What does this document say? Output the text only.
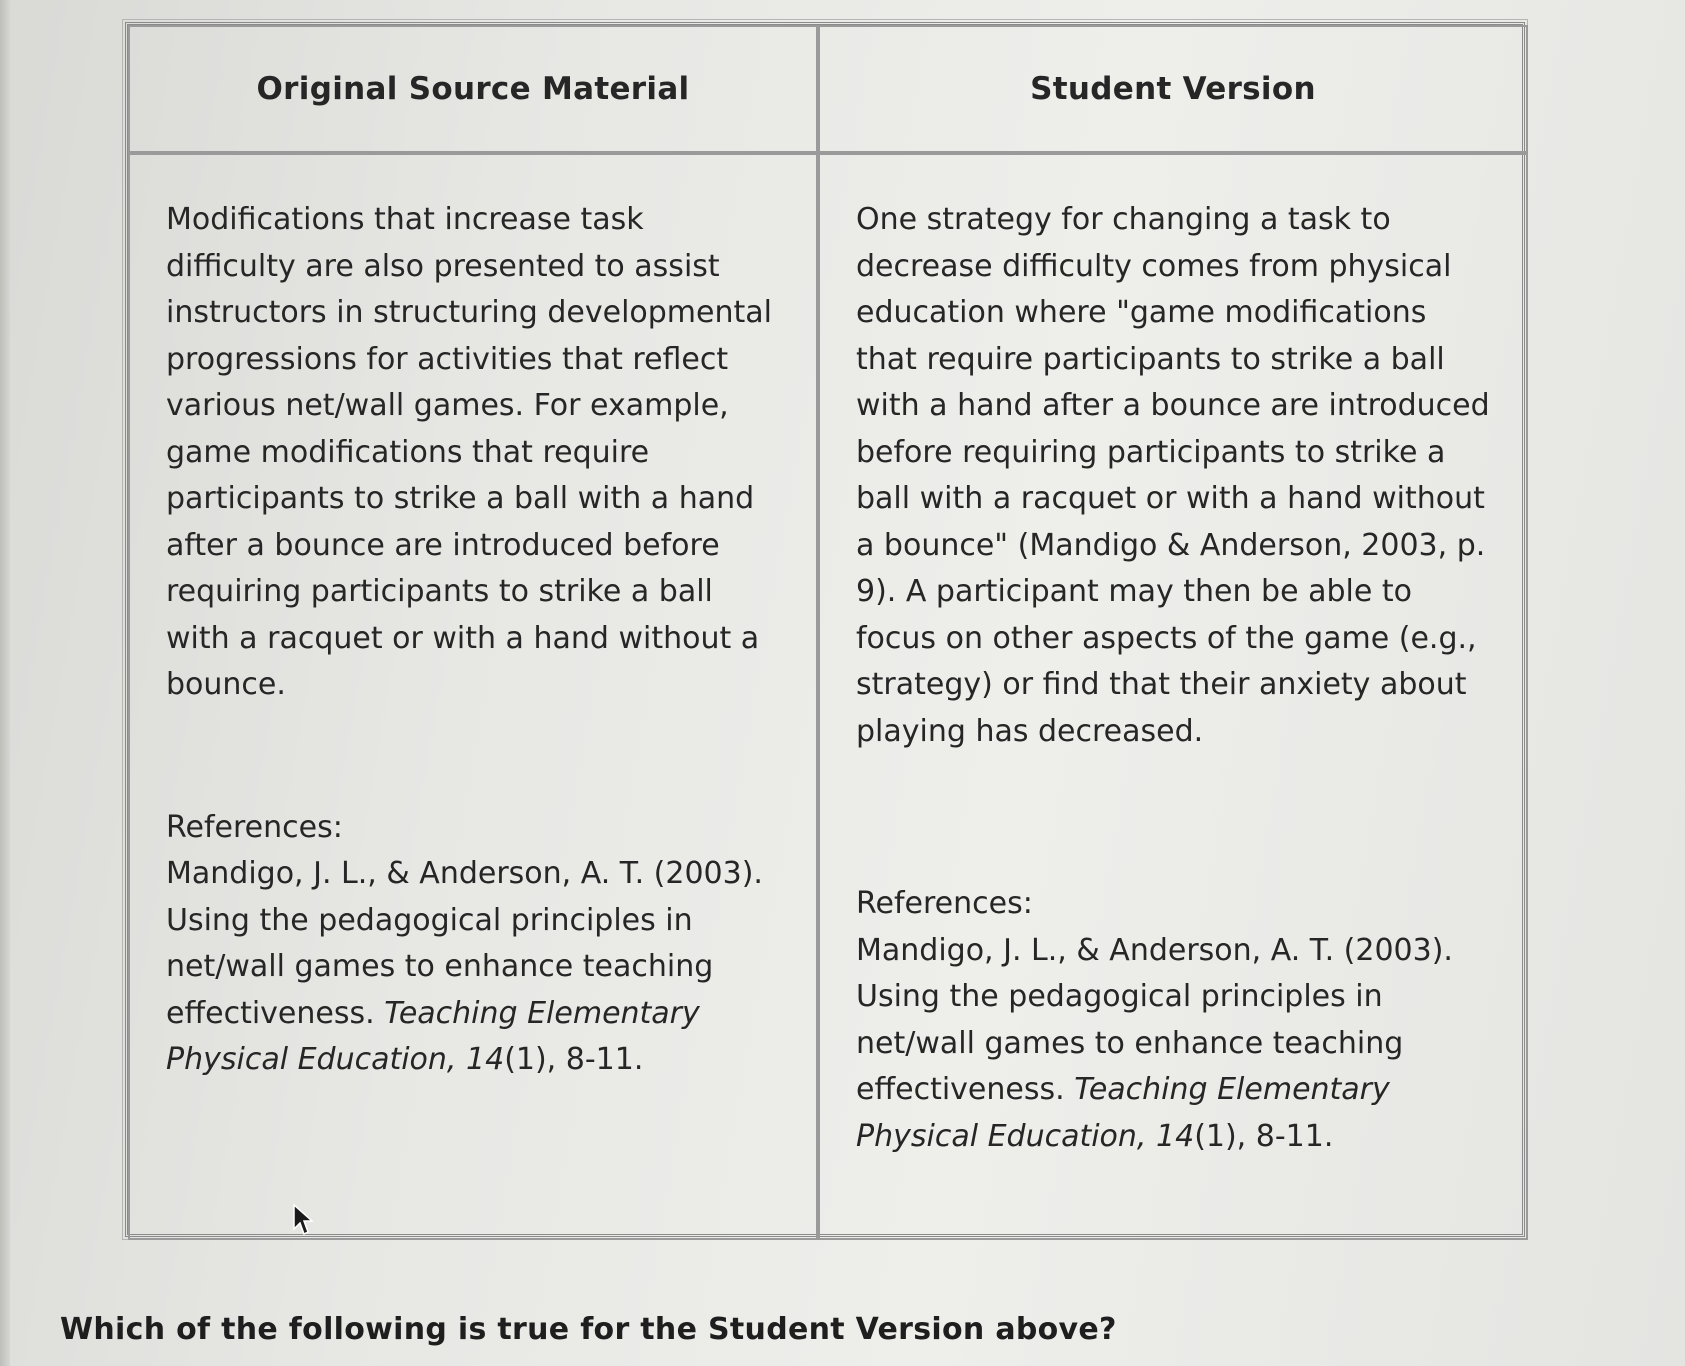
Original Source Material	Student Version

Modifications that increase task difficulty are also presented to assist instructors in structuring developmental progressions for activities that reflect various net/wall games. For example, game modifications that require participants to strike a ball with a hand after a bounce are introduced before requiring participants to strike a ball with a racquet or with a hand without a bounce.

References:

Mandigo, J. L., & Anderson, A. T. (2003). Using the pedagogical principles in net/wall games to enhance teaching effectiveness. Teaching Elementary Physical Education, 14(1), 8-11.

One strategy for changing a task to decrease difficulty comes from physical education where "game modifications that require participants to strike a ball with a hand after a bounce are introduced before requiring participants to strike a ball with a racquet or with a hand without a bounce" (Mandigo & Anderson, 2003, p. 9). A participant may then be able to focus on other aspects of the game (e.g., strategy) or find that their anxiety about playing has decreased.

References:

Mandigo, J. L., & Anderson, A. T. (2003). Using the pedagogical principles in net/wall games to enhance teaching effectiveness. Teaching Elementary Physical Education, 14(1), 8-11.

Which of the following is true for the Student Version above?
